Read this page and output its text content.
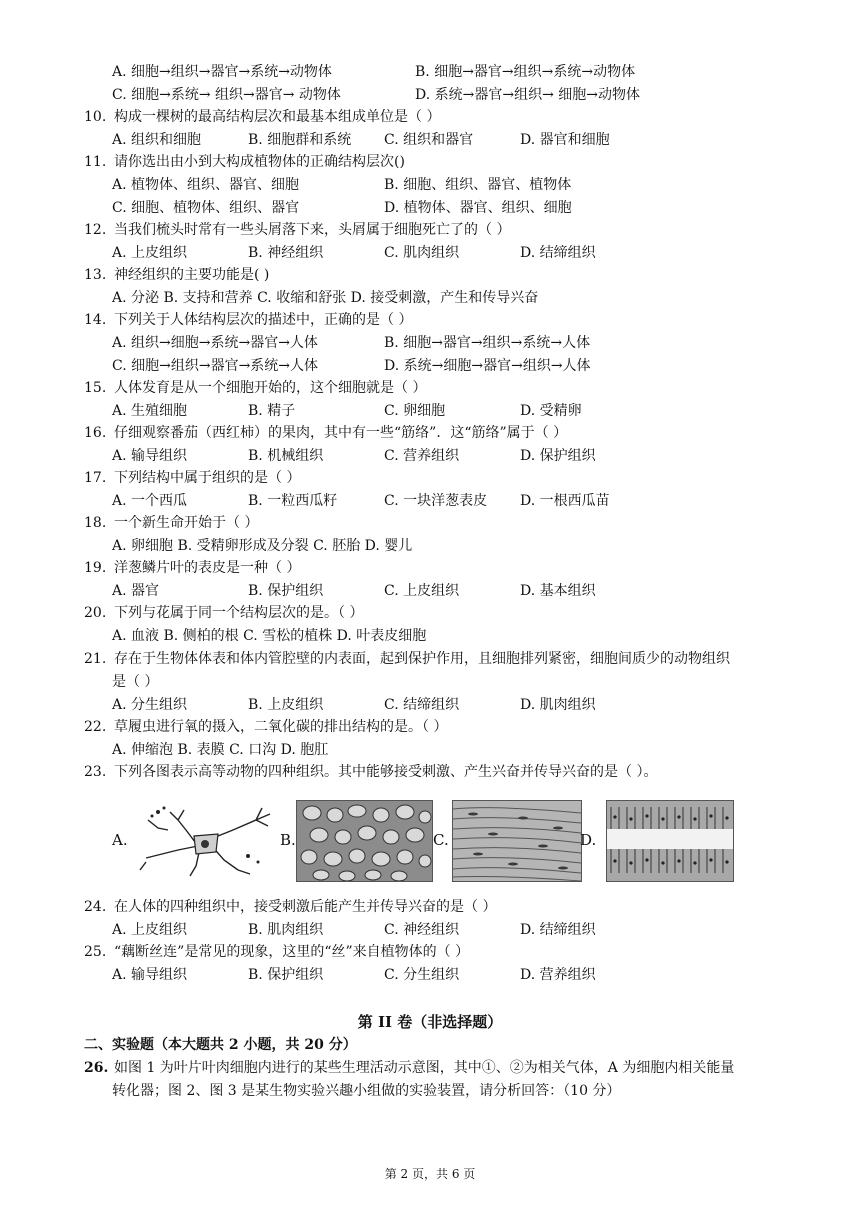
A. 细胞→组织→器官→系统→动物体	B. 细胞→器官→组织→系统→动物体
C. 细胞→系统→ 组织→器官→ 动物体	D. 系统→器官→组织→ 细胞→动物体
10. 构成一棵树的最高结构层次和最基本组成单位是（ ）
A. 组织和细胞	B. 细胞群和系统 C. 组织和器官	D. 器官和细胞
11. 请你选出由小到大构成植物体的正确结构层次()
A. 植物体、组织、器官、细胞	B. 细胞、组织、器官、植物体
C. 细胞、植物体、组织、器官	D. 植物体、器官、组织、细胞
12. 当我们梳头时常有一些头屑落下来，头屑属于细胞死亡了的（ ）
A. 上皮组织	B. 神经组织	C. 肌肉组织	D. 结缔组织
13. 神经组织的主要功能是( )
A. 分泌 B. 支持和营养 C. 收缩和舒张 D. 接受刺激，产生和传导兴奋
14. 下列关于人体结构层次的描述中，正确的是（ ）
A. 组织→细胞→系统→器官→人体	B. 细胞→器官→组织→系统→人体
C. 细胞→组织→器官→系统→人体	D. 系统→细胞→器官→组织→人体
15. 人体发育是从一个细胞开始的，这个细胞就是（ ）
A. 生殖细胞	B. 精子	C. 卵细胞	D. 受精卵
16. 仔细观察番茄（西红柿）的果肉，其中有一些“筋络”．这“筋络”属于（ ）
A. 输导组织	B. 机械组织	C. 营养组织	D. 保护组织
17. 下列结构中属于组织的是（ ）
A. 一个西瓜	B. 一粒西瓜籽	C. 一块洋葱表皮 D. 一根西瓜苗
18. 一个新生命开始于（ ）
A. 卵细胞 B. 受精卵形成及分裂 C. 胚胎 D. 婴儿
19. 洋葱鳞片叶的表皮是一种（ ）
A. 器官	B. 保护组织	C. 上皮组织	D. 基本组织
20. 下列与花属于同一个结构层次的是。（ ）
A. 血液 B. 侧柏的根 C. 雪松的植株 D. 叶表皮细胞
21. 存在于生物体体表和体内管腔壁的内表面，起到保护作用，且细胞排列紧密，细胞间质少的动物组织
是（ ）
A. 分生组织	B. 上皮组织	C. 结缔组织	D. 肌肉组织
22. 草履虫进行氧的摄入，二氧化碳的排出结构的是。（ ）
A. 伸缩泡 B. 表膜 C. 口沟 D. 胞肛
23. 下列各图表示高等动物的四种组织。其中能够接受刺激、产生兴奋并传导兴奋的是（ ）。
A.	B.	C.	D.
24. 在人体的四种组织中，接受刺激后能产生并传导兴奋的是（ ）
A. 上皮组织	B. 肌肉组织	C. 神经组织	D. 结缔组织
25. “藕断丝连”是常见的现象，这里的“丝”来自植物体的（ ）
A. 输导组织	B. 保护组织	C. 分生组织	D. 营养组织
第 II 卷（非选择题）
二、实验题（本大题共 2 小题，共 20 分）
26. 如图 1 为叶片叶肉细胞内进行的某些生理活动示意图，其中①、②为相关气体，A 为细胞内相关能量
转化器；图 2、图 3 是某生物实验兴趣小组做的实验装置，请分析回答：（10 分）
第 2 页，共 6 页
